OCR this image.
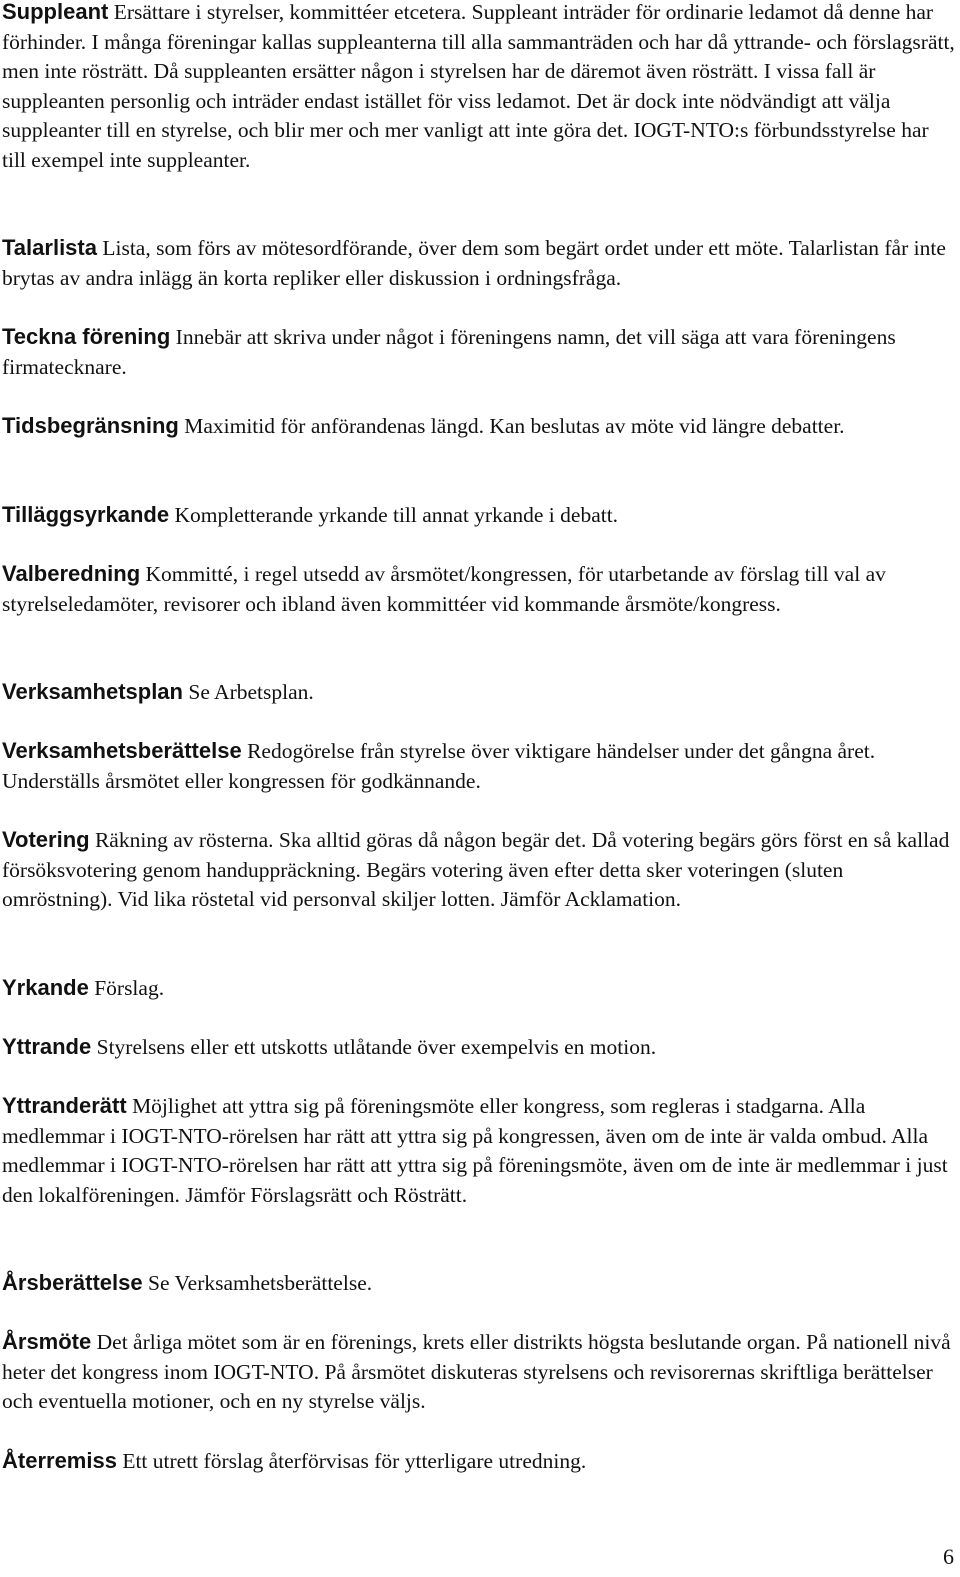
Suppleant Ersättare i styrelser, kommittéer etcetera. Suppleant inträder för ordinarie ledamot då denne har förhinder. I många föreningar kallas suppleanterna till alla sammanträden och har då yttrande- och förslagsrätt, men inte rösträtt. Då suppleanten ersätter någon i styrelsen har de däremot även rösträtt. I vissa fall är suppleanten personlig och inträder endast istället för viss ledamot. Det är dock inte nödvändigt att välja suppleanter till en styrelse, och blir mer och mer vanligt att inte göra det. IOGT-NTO:s förbundsstyrelse har till exempel inte suppleanter.

Talarlista Lista, som förs av mötesordförande, över dem som begärt ordet under ett möte. Talarlistan får inte brytas av andra inlägg än korta repliker eller diskussion i ordningsfråga.

Teckna förening Innebär att skriva under något i föreningens namn, det vill säga att vara föreningens firmatecknare.

Tidsbegränsning Maximitid för anförandenas längd. Kan beslutas av möte vid längre debatter.

Tilläggsyrkande Kompletterande yrkande till annat yrkande i debatt.

Valberedning Kommitté, i regel utsedd av årsmötet/kongressen, för utarbetande av förslag till val av styrelseledamöter, revisorer och ibland även kommittéer vid kommande årsmöte/kongress.

Verksamhetsplan Se Arbetsplan.

Verksamhetsberättelse Redogörelse från styrelse över viktigare händelser under det gångna året. Underställs årsmötet eller kongressen för godkännande.

Votering Räkning av rösterna. Ska alltid göras då någon begär det. Då votering begärs görs först en så kallad försöksvotering genom handuppräckning. Begärs votering även efter detta sker voteringen (sluten omröstning). Vid lika röstetal vid personval skiljer lotten. Jämför Acklamation.

Yrkande Förslag.

Yttrande Styrelsens eller ett utskotts utlåtande över exempelvis en motion.

Yttranderätt Möjlighet att yttra sig på föreningsmöte eller kongress, som regleras i stadgarna. Alla medlemmar i IOGT-NTO-rörelsen har rätt att yttra sig på kongressen, även om de inte är valda ombud. Alla medlemmar i IOGT-NTO-rörelsen har rätt att yttra sig på föreningsmöte, även om de inte är medlemmar i just den lokalföreningen. Jämför Förslagsrätt och Rösträtt.

Årsberättelse Se Verksamhetsberättelse.

Årsmöte Det årliga mötet som är en förenings, krets eller distrikts högsta beslutande organ. På nationell nivå heter det kongress inom IOGT-NTO. På årsmötet diskuteras styrelsens och revisorernas skriftliga berättelser och eventuella motioner, och en ny styrelse väljs.

Återremiss Ett utrett förslag återförvisas för ytterligare utredning.

6
